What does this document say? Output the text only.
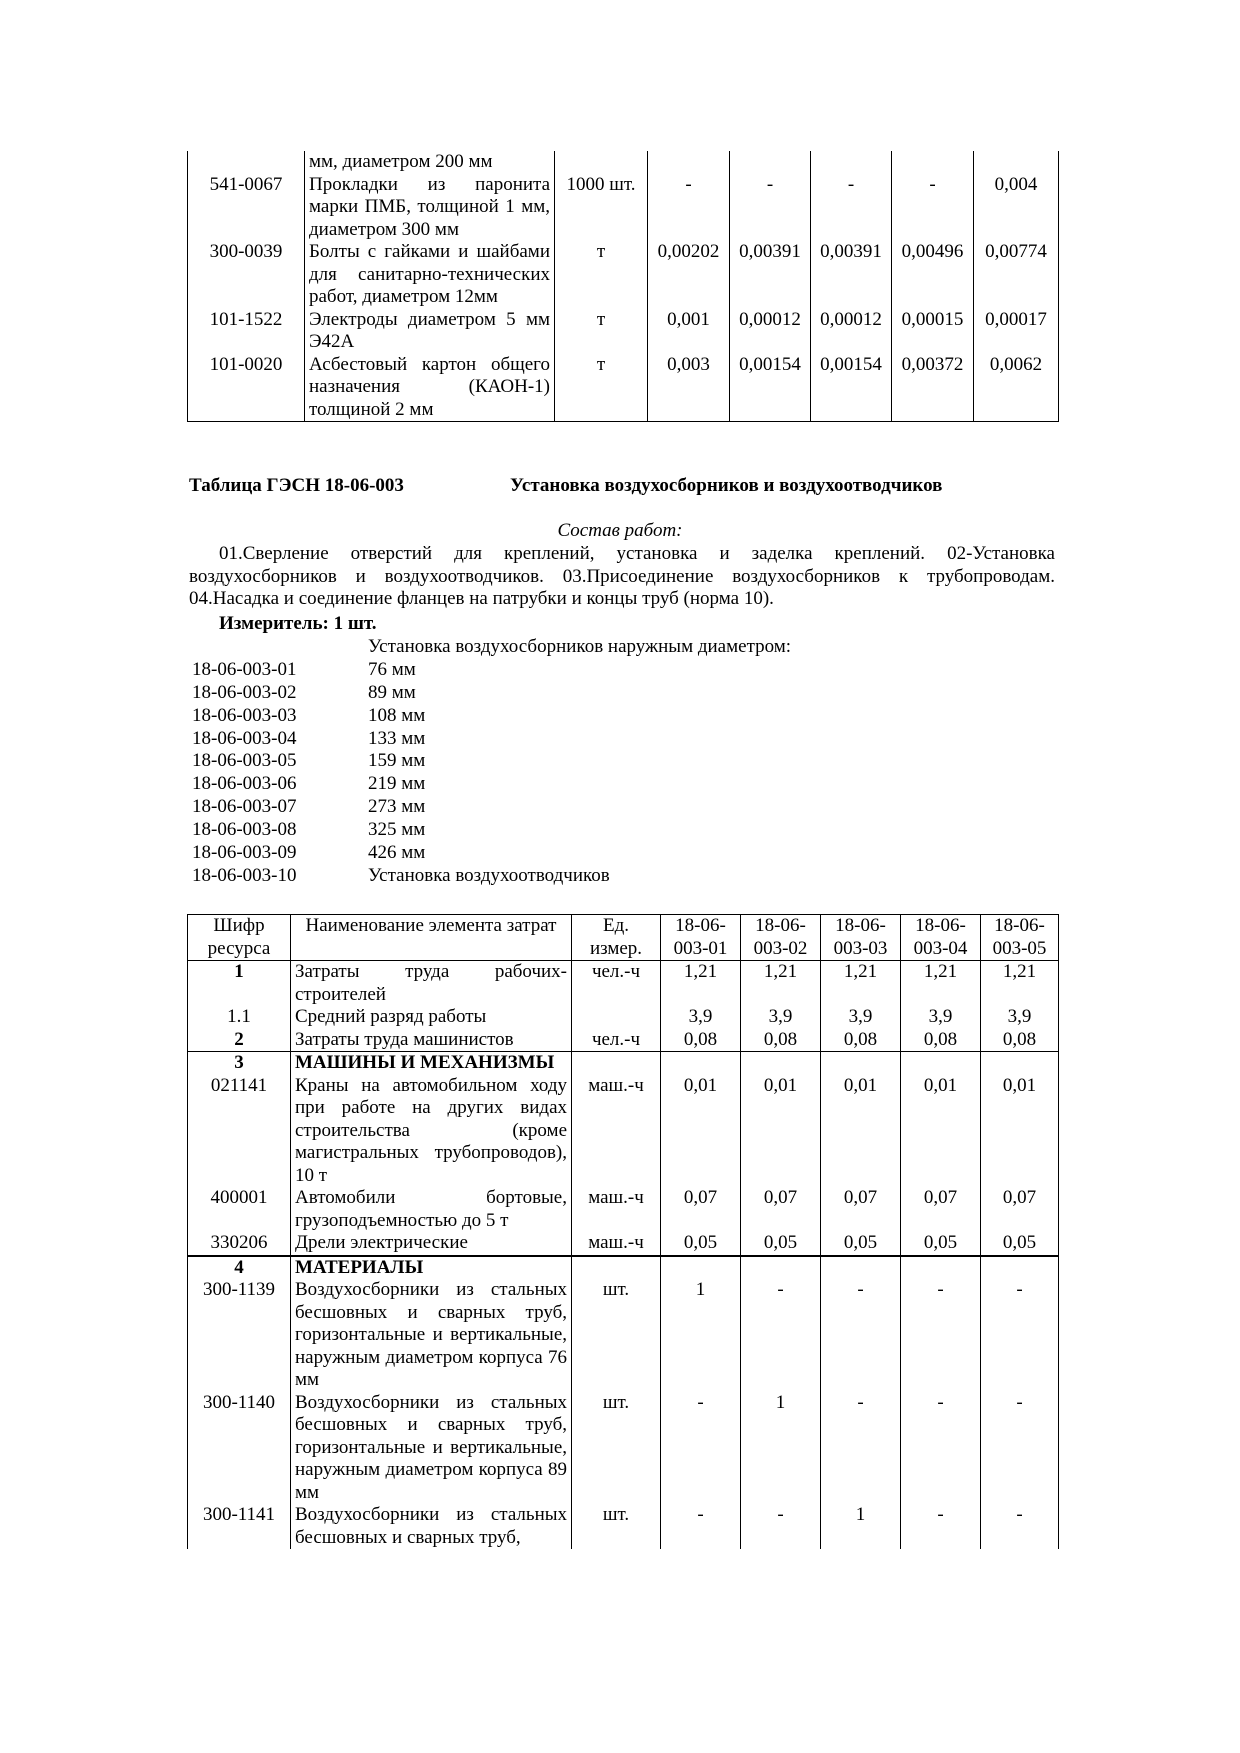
	мм, диаметром 200 мм						
541-0067	Прокладки из паронита марки ПМБ, толщиной 1 мм, диаметром 300 мм	1000 шт.	-	-	-	-	0,004
300-0039	Болты с гайками и шайбами для санитарно-технических работ, диаметром 12мм	т	0,00202	0,00391	0,00391	0,00496	0,00774
101-1522	Электроды диаметром 5 мм Э42А	т	0,001	0,00012	0,00012	0,00015	0,00017
101-0020	Асбестовый картон общего назначения (КАОН-1) толщиной 2 мм	т	0,003	0,00154	0,00154	0,00372	0,0062
Таблица ГЭСН 18-06-003	Установка воздухосборников и воздухоотводчиков
Состав работ:
01.Сверление отверстий для креплений, установка и заделка креплений. 02-Установка воздухосборников и воздухоотводчиков. 03.Присоединение воздухосборников к трубопроводам. 04.Насадка и соединение фланцев на патрубки и концы труб (норма 10).
Измеритель: 1 шт.
Установка воздухосборников наружным диаметром:
18-06-003-01	76 мм
18-06-003-02	89 мм
18-06-003-03	108 мм
18-06-003-04	133 мм
18-06-003-05	159 мм
18-06-003-06	219 мм
18-06-003-07	273 мм
18-06-003-08	325 мм
18-06-003-09	426 мм
18-06-003-10	Установка воздухоотводчиков
Шифр ресурса	Наименование элемента затрат	Ед. измер.	18-06-003-01	18-06-003-02	18-06-003-03	18-06-003-04	18-06-003-05
1	Затраты труда рабочих-строителей	чел.-ч	1,21	1,21	1,21	1,21	1,21
1.1	Средний разряд работы		3,9	3,9	3,9	3,9	3,9
2	Затраты труда машинистов	чел.-ч	0,08	0,08	0,08	0,08	0,08
3	МАШИНЫ И МЕХАНИЗМЫ						
021141	Краны на автомобильном ходу при работе на других видах строительства (кроме магистральных трубопроводов), 10 т	маш.-ч	0,01	0,01	0,01	0,01	0,01
400001	Автомобили бортовые, грузоподъемностью до 5 т	маш.-ч	0,07	0,07	0,07	0,07	0,07
330206	Дрели электрические	маш.-ч	0,05	0,05	0,05	0,05	0,05
4	МАТЕРИАЛЫ						
300-1139	Воздухосборники из стальных бесшовных и сварных труб, горизонтальные и вертикальные, наружным диаметром корпуса 76 мм	шт.	1	-	-	-	-
300-1140	Воздухосборники из стальных бесшовных и сварных труб, горизонтальные и вертикальные, наружным диаметром корпуса 89 мм	шт.	-	1	-	-	-
300-1141	Воздухосборники из стальных бесшовных и сварных труб,	шт.	-	-	1	-	-
